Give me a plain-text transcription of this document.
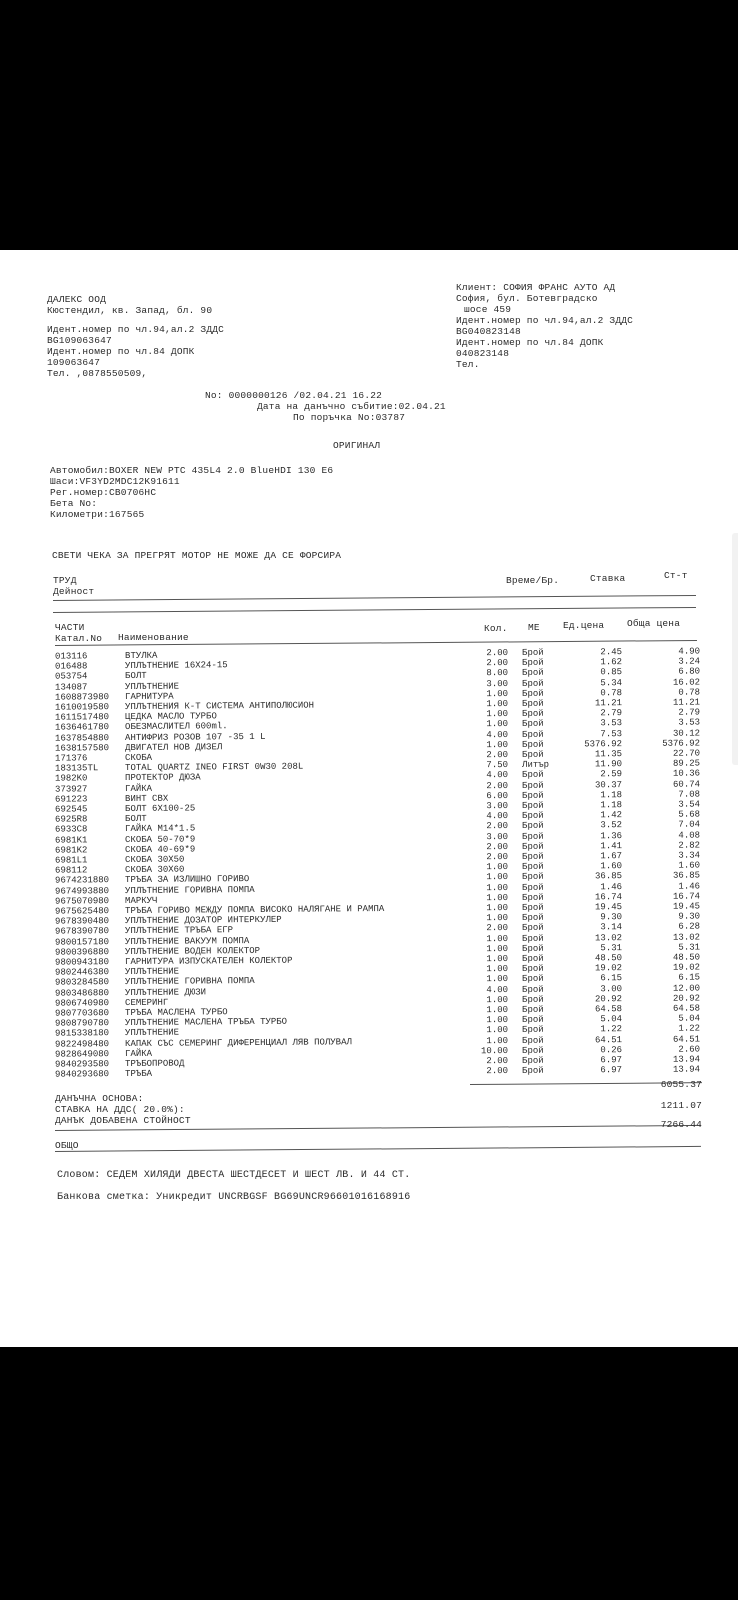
ДАЛЕКС ООД
Кюстендил, кв. Запад, бл. 90
Идент.номер по чл.94,ал.2 ЗДДС
BG109063647
Идент.номер по чл.84 ДОПК
109063647
Тел. ,0878550509,
Клиент: СОФИЯ ФРАНС АУТО АД
София, бул. Ботевградско
шосе 459
Идент.номер по чл.94,ал.2 ЗДДС
BG040823148
Идент.номер по чл.84 ДОПК
040823148
Тел.
No: 0000000126 /02.04.21 16.22
Дата на данъчно събитие:02.04.21
По поръчка No:03787
ОРИГИНАЛ
Автомобил:BOXER NEW PTC 435L4 2.0 BlueHDI 130 E6
Шаси:VF3YD2MDC12K91611
Рег.номер:CB0706HC
Бета No:
Километри:167565
СВЕТИ ЧЕКА ЗА ПРЕГРЯТ МОТОР НЕ МОЖЕ ДА СЕ ФОРСИРА
ТРУД
Дейност
Време/Бр.	Ставка	Ст-т
ЧАСТИ
Катал.No Наименование
Кол. МЕ Ед.цена Обща цена
013116	ВТУЛКА	2.00 Брой	2.45	4.90
016488	УПЛЪТНЕНИЕ 16X24-15	2.00 Брой	1.62	3.24
053754	БОЛТ	8.00 Брой	0.85	6.80
134087	УПЛЪТНЕНИЕ	3.00 Брой	5.34	16.02
1608873980	ГАРНИТУРА	1.00 Брой	0.78	0.78
1610019580	УПЛЪТНЕНИЯ К-Т СИСТЕМА АНТИПОЛЮСИОН	1.00 Брой	11.21	11.21
1611517480	ЦЕДКА МАСЛО ТУРБО	1.00 Брой	2.79	2.79
1636461780	ОБЕЗМАСЛИТЕЛ 600ml.	1.00 Брой	3.53	3.53
1637854880	АНТИФРИЗ РОЗОВ 107 -35 1 L	4.00 Брой	7.53	30.12
1638157580	ДВИГАТЕЛ НОВ ДИЗЕЛ	1.00 Брой	5376.92	5376.92
171376	СКОБА	2.00 Брой	11.35	22.70
183135TL	TOTAL QUARTZ INEO FIRST 0W30 208L	7.50 Литър	11.90	89.25
1982K0	ПРОТЕКТОР ДЮЗА	4.00 Брой	2.59	10.36
373927	ГАЙКА	2.00 Брой	30.37	60.74
691223	ВИНТ СВХ	6.00 Брой	1.18	7.08
692545	БОЛТ 6X100-25	3.00 Брой	1.18	3.54
6925R8	БОЛТ	4.00 Брой	1.42	5.68
6933C8	ГАЙКА М14*1.5	2.00 Брой	3.52	7.04
6981K1	СКОБА 50-70*9	3.00 Брой	1.36	4.08
6981K2	СКОБА 40-69*9	2.00 Брой	1.41	2.82
6981L1	СКОБА 30X50	2.00 Брой	1.67	3.34
698112	СКОБА 30X60	1.00 Брой	1.60	1.60
9674231880	ТРЪБА ЗА ИЗЛИШНО ГОРИВО	1.00 Брой	36.85	36.85
9674993880	УПЛЪТНЕНИЕ ГОРИВНА ПОМПА	1.00 Брой	1.46	1.46
9675070980	МАРКУЧ	1.00 Брой	16.74	16.74
9675625480	ТРЪБА ГОРИВО МЕЖДУ ПОМПА ВИСОКО НАЛЯГАНЕ И РАМПА	1.00 Брой	19.45	19.45
9678390480	УПЛЪТНЕНИЕ ДОЗАТОР ИНТЕРКУЛЕР	1.00 Брой	9.30	9.30
9678390780	УПЛЪТНЕНИЕ ТРЪБА ЕГР	2.00 Брой	3.14	6.28
9800157180	УПЛЪТНЕНИЕ ВАКУУМ ПОМПА	1.00 Брой	13.02	13.02
9800396880	УПЛЪТНЕНИЕ ВОДЕН КОЛЕКТОР	1.00 Брой	5.31	5.31
9800943180	ГАРНИТУРА ИЗПУСКАТЕЛЕН КОЛЕКТОР	1.00 Брой	48.50	48.50
9802446380	УПЛЪТНЕНИЕ	1.00 Брой	19.02	19.02
9803284580	УПЛЪТНЕНИЕ ГОРИВНА ПОМПА	1.00 Брой	6.15	6.15
9803486880	УПЛЪТНЕНИЕ ДЮЗИ	4.00 Брой	3.00	12.00
9806740980	СЕМЕРИНГ	1.00 Брой	20.92	20.92
9807703680	ТРЪБА МАСЛЕНА ТУРБО	1.00 Брой	64.58	64.58
9808790780	УПЛЪТНЕНИЕ МАСЛЕНА ТРЪБА ТУРБО	1.00 Брой	5.04	5.04
9815338180	УПЛЪТНЕНИЕ	1.00 Брой	1.22	1.22
9822498480	КАПАК СЪС СЕМЕРИНГ ДИФЕРЕНЦИАЛ ЛЯВ ПОЛУВАЛ	1.00 Брой	64.51	64.51
9828649080	ГАЙКА	10.00 Брой	0.26	2.60
9840293580	ТРЪБОПРОВОД	2.00 Брой	6.97	13.94
9840293680	ТРЪБА	2.00 Брой	6.97	13.94
ДАНЪЧНА ОСНОВА:
6055.37
СТАВКА НА ДДС( 20.0%):	1211.07
ДАНЪК ДОБАВЕНА СТОЙНОСТ	7266.44
ОБЩО
Словом: СЕДЕМ ХИЛЯДИ ДВЕСТА ШЕСТДЕСЕТ И ШЕСТ ЛВ. И 44 СТ.
Банкова сметка: Уникредит UNCRBGSF BG69UNCR96601016168916
